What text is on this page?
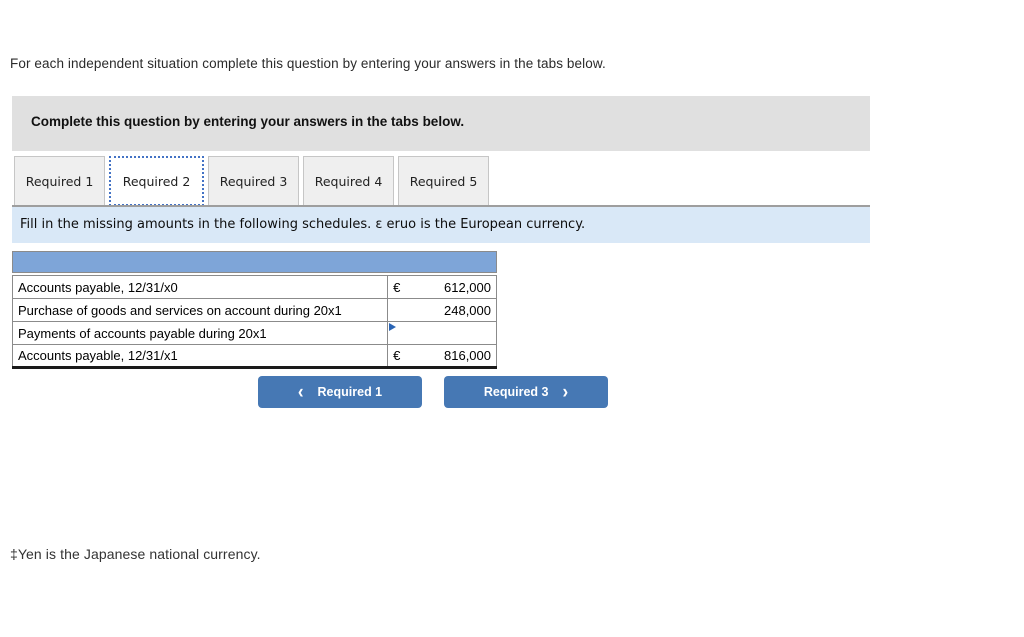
For each independent situation complete this question by entering your answers in the tabs below.
Complete this question by entering your answers in the tabs below.
Required 1	Required 2	Required 3	Required 4	Required 5
Fill in the missing amounts in the following schedules. ε eruo is the European currency.
Accounts payable, 12/31/x0	€ 612,000

Purchase of goods and services on account during 20x1	248,000

Payments of accounts payable during 20x1	

Accounts payable, 12/31/x1	€ 816,000
‹ Required 1	Required 3 ›
‡Yen is the Japanese national currency.
